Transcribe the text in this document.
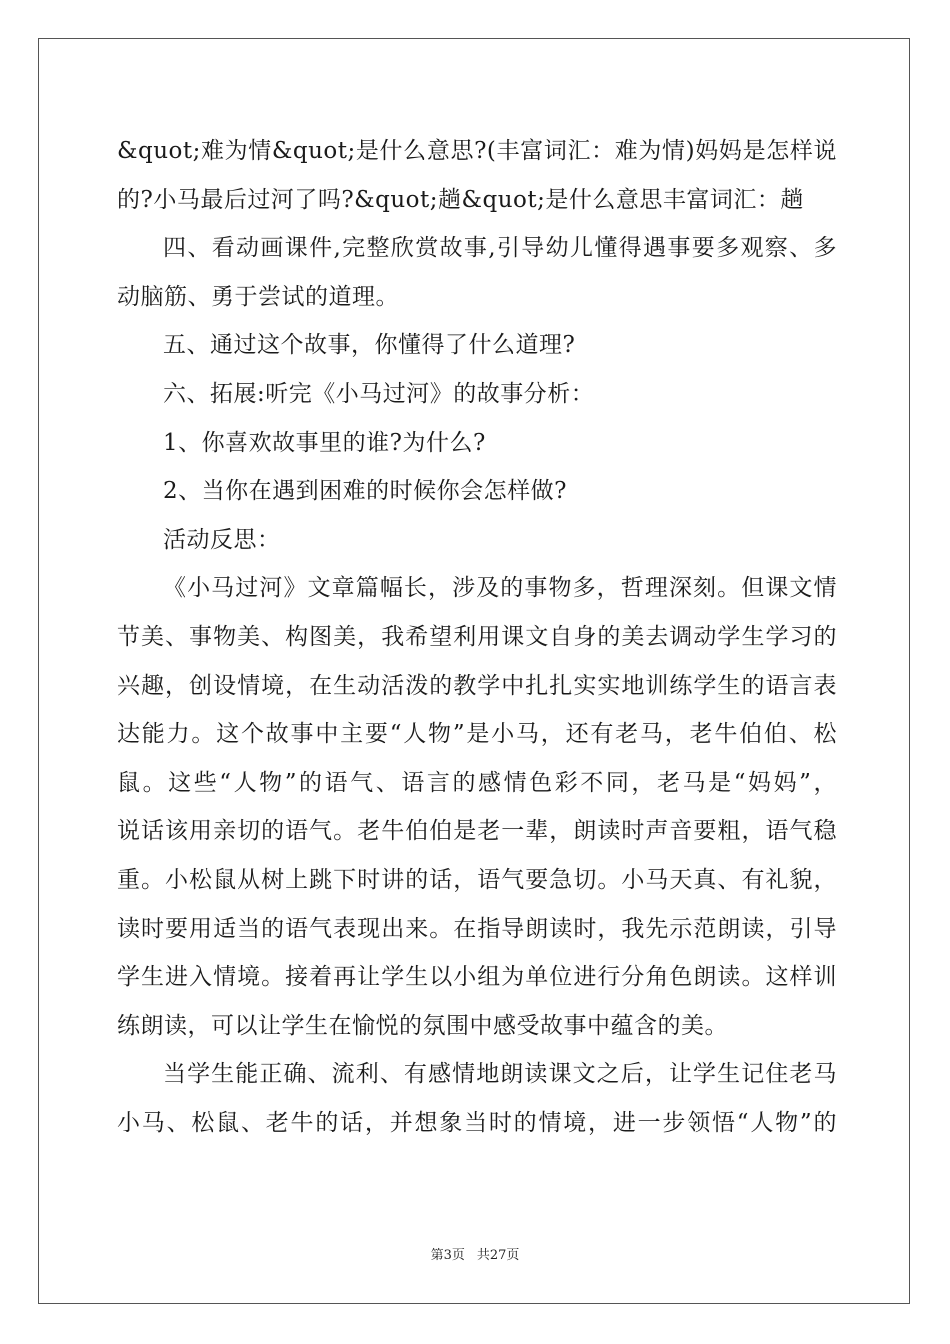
&quot;难为情&quot;是什么意思?(丰富词汇：难为情)妈妈是怎样说
的?小马最后过河了吗?&quot;趟&quot;是什么意思丰富词汇：趟
四、看动画课件,完整欣赏故事,引导幼儿懂得遇事要多观察、多
动脑筋、勇于尝试的道理。
五、通过这个故事，你懂得了什么道理?
六、拓展:听完《小马过河》的故事分析：
1、你喜欢故事里的谁?为什么?
2、当你在遇到困难的时候你会怎样做?
活动反思：
《小马过河》文章篇幅长，涉及的事物多，哲理深刻。但课文情
节美、事物美、构图美，我希望利用课文自身的美去调动学生学习的
兴趣，创设情境，在生动活泼的教学中扎扎实实地训练学生的语言表
达能力。这个故事中主要“人物”是小马，还有老马，老牛伯伯、松
鼠。这些“人物”的语气、语言的感情色彩不同，老马是“妈妈”，
说话该用亲切的语气。老牛伯伯是老一辈，朗读时声音要粗，语气稳
重。小松鼠从树上跳下时讲的话，语气要急切。小马天真、有礼貌，
读时要用适当的语气表现出来。在指导朗读时，我先示范朗读，引导
学生进入情境。接着再让学生以小组为单位进行分角色朗读。这样训
练朗读，可以让学生在愉悦的氛围中感受故事中蕴含的美。
当学生能正确、流利、有感情地朗读课文之后，让学生记住老马
小马、松鼠、老牛的话，并想象当时的情境，进一步领悟“人物”的
第3页 共27页
